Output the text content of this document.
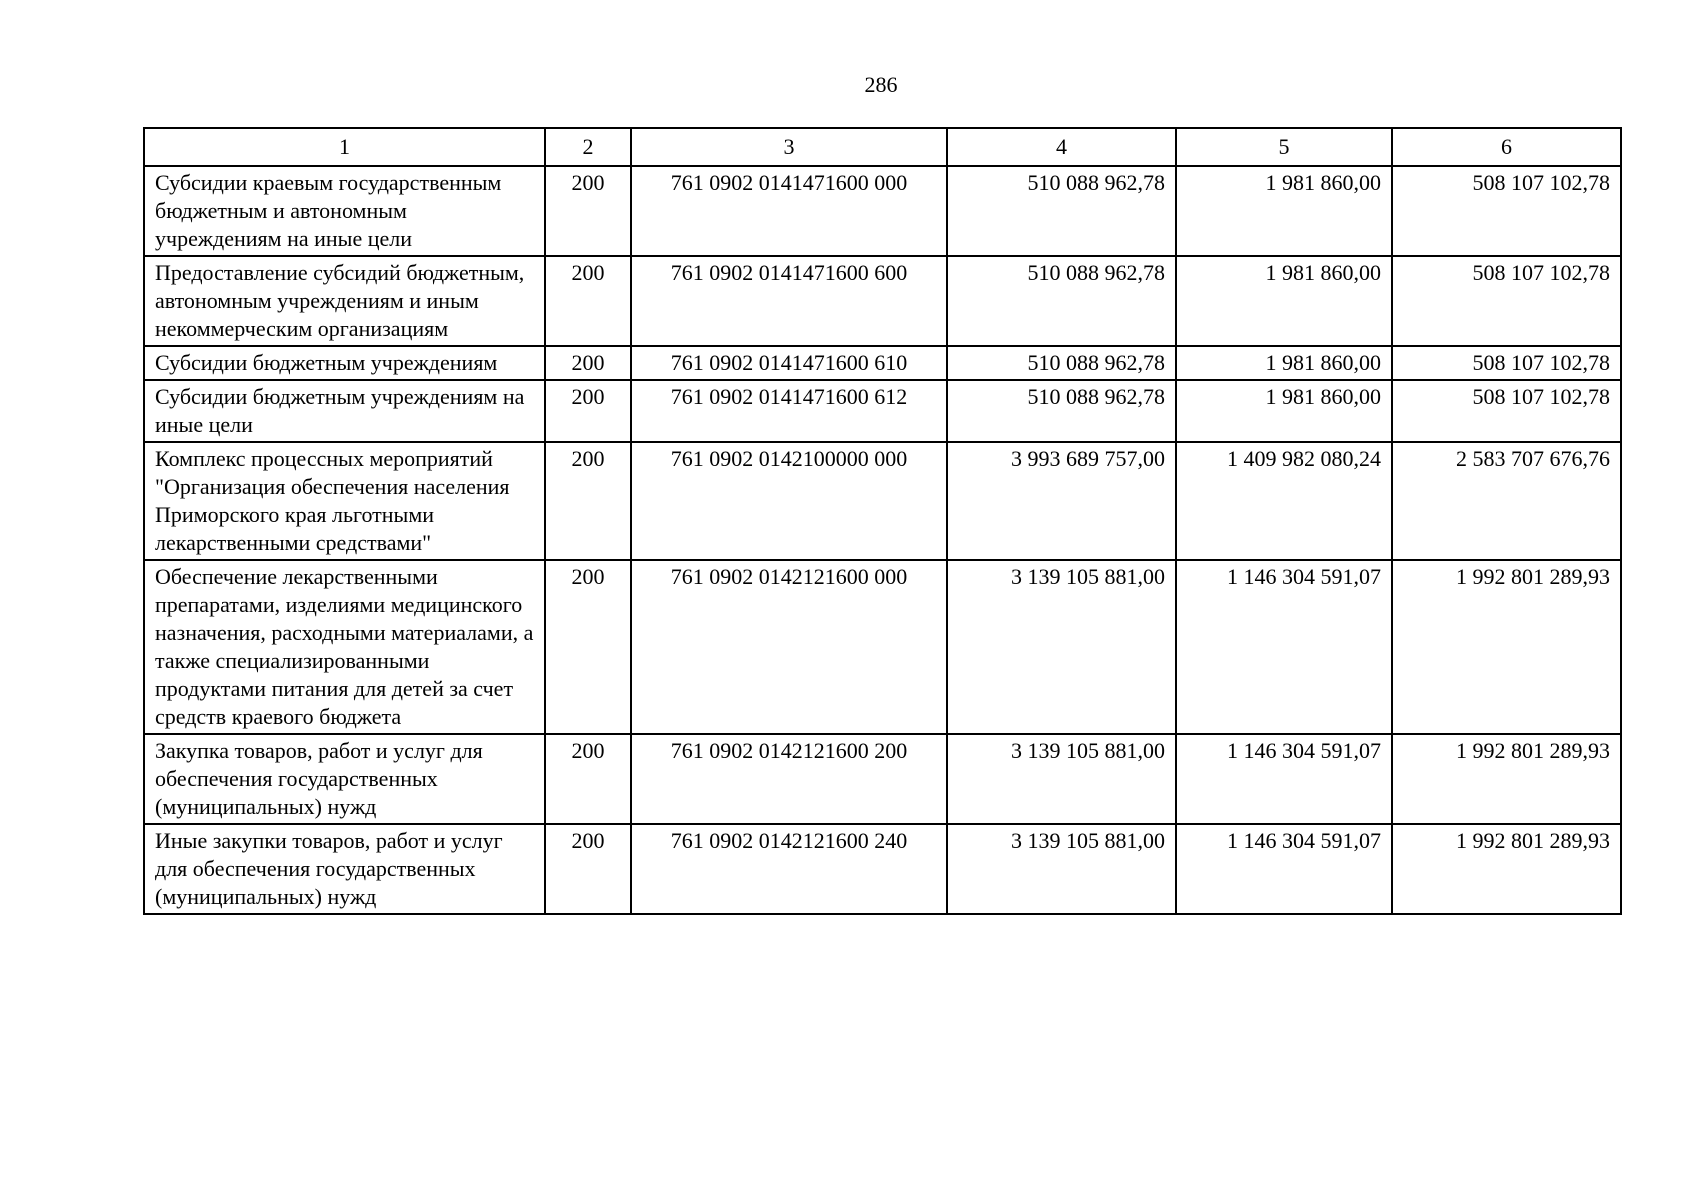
286
1	2	3	4	5	6
Субсидии краевым государственным бюджетным и автономным учреждениям на иные цели	200	761 0902 0141471600 000	510 088 962,78	1 981 860,00	508 107 102,78
Предоставление субсидий бюджетным, автономным учреждениям и иным некоммерческим организациям	200	761 0902 0141471600 600	510 088 962,78	1 981 860,00	508 107 102,78
Субсидии бюджетным учреждениям	200	761 0902 0141471600 610	510 088 962,78	1 981 860,00	508 107 102,78
Субсидии бюджетным учреждениям на иные цели	200	761 0902 0141471600 612	510 088 962,78	1 981 860,00	508 107 102,78
Комплекс процессных мероприятий "Организация обеспечения населения Приморского края льготными лекарственными средствами"	200	761 0902 0142100000 000	3 993 689 757,00	1 409 982 080,24	2 583 707 676,76
Обеспечение лекарственными препаратами, изделиями медицинского назначения, расходными материалами, а также специализированными продуктами питания для детей за счет средств краевого бюджета	200	761 0902 0142121600 000	3 139 105 881,00	1 146 304 591,07	1 992 801 289,93
Закупка товаров, работ и услуг для обеспечения государственных (муниципальных) нужд	200	761 0902 0142121600 200	3 139 105 881,00	1 146 304 591,07	1 992 801 289,93
Иные закупки товаров, работ и услуг для обеспечения государственных (муниципальных) нужд	200	761 0902 0142121600 240	3 139 105 881,00	1 146 304 591,07	1 992 801 289,93
